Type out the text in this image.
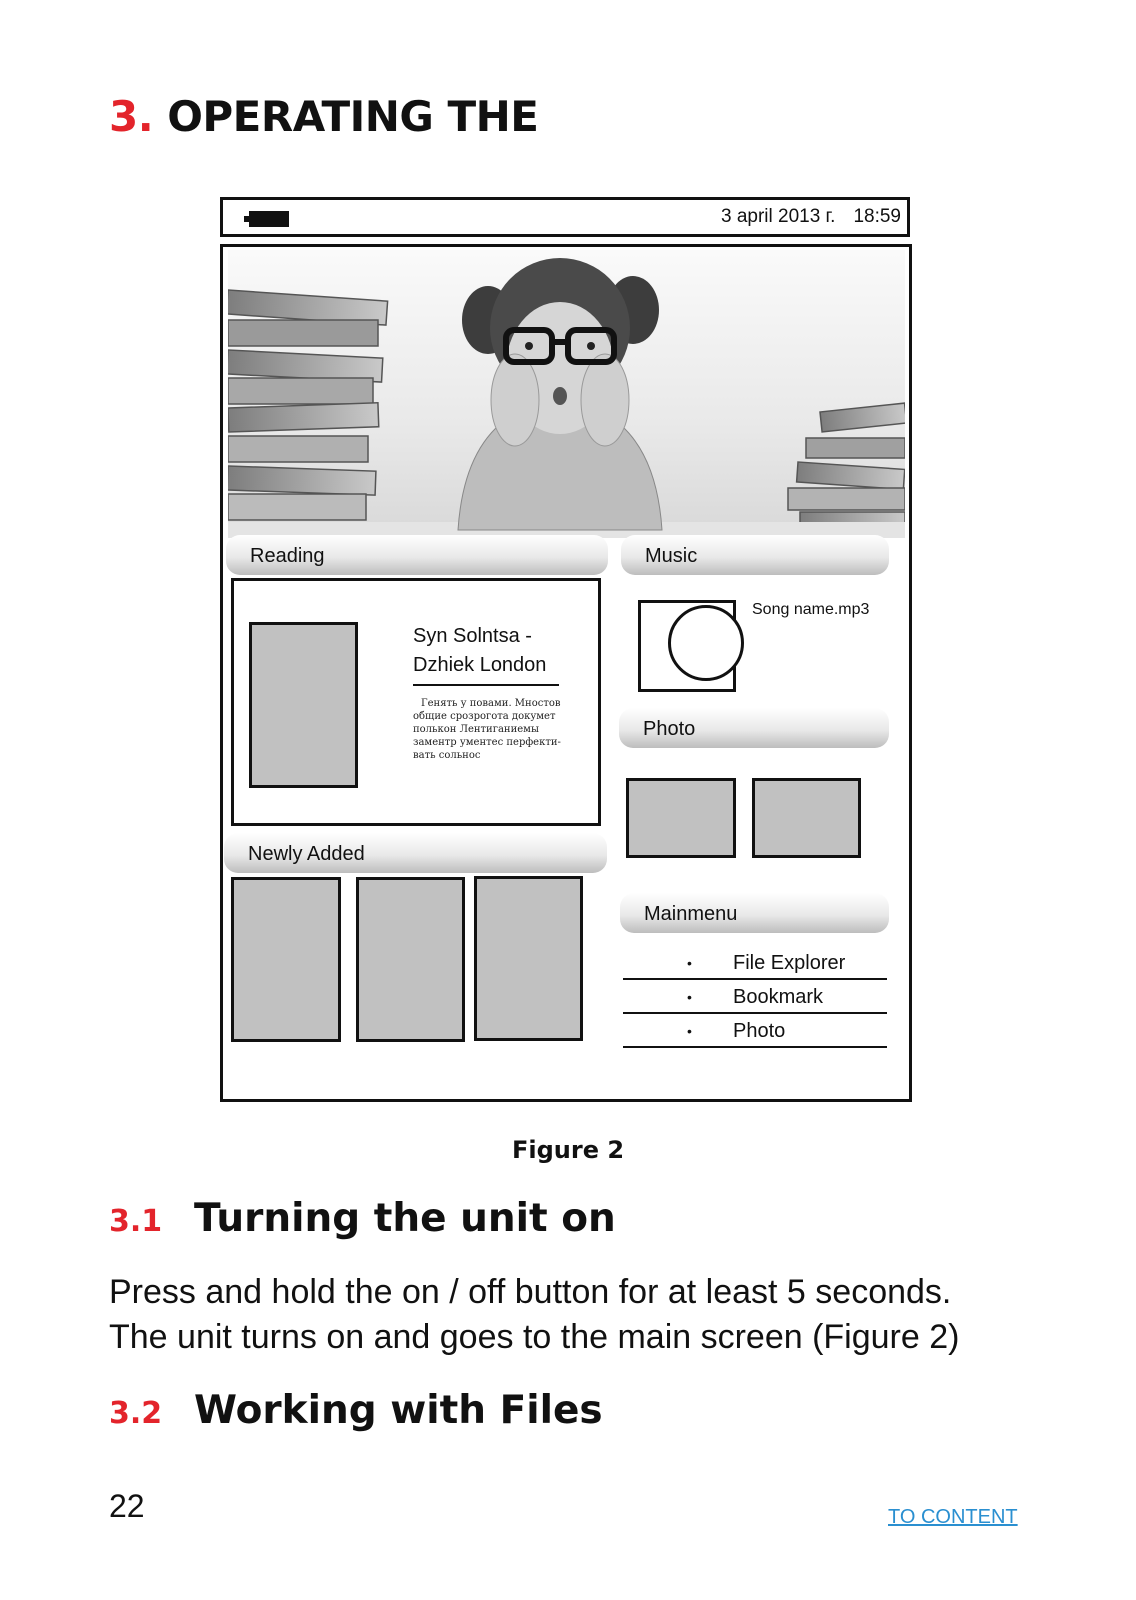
3. OPERATING THE
3 april 2013 г. 18:59
Reading
Syn Solntsa -
Dzhiek London
Генять у повами. Мностов
общие срозрогота докумет
полькон Лентиганиемы
заментр ументес перфекти-
вать сольнос
Newly Added
Music
Song name.mp3
Photo
Mainmenu
• File Explorer
• Bookmark
• Photo
Figure 2
3.1 Turning the unit on
Press and hold the on / off button for at least 5 seconds.
The unit turns on and goes to the main screen (Figure 2)
3.2 Working with Files
22	TO CONTENT
